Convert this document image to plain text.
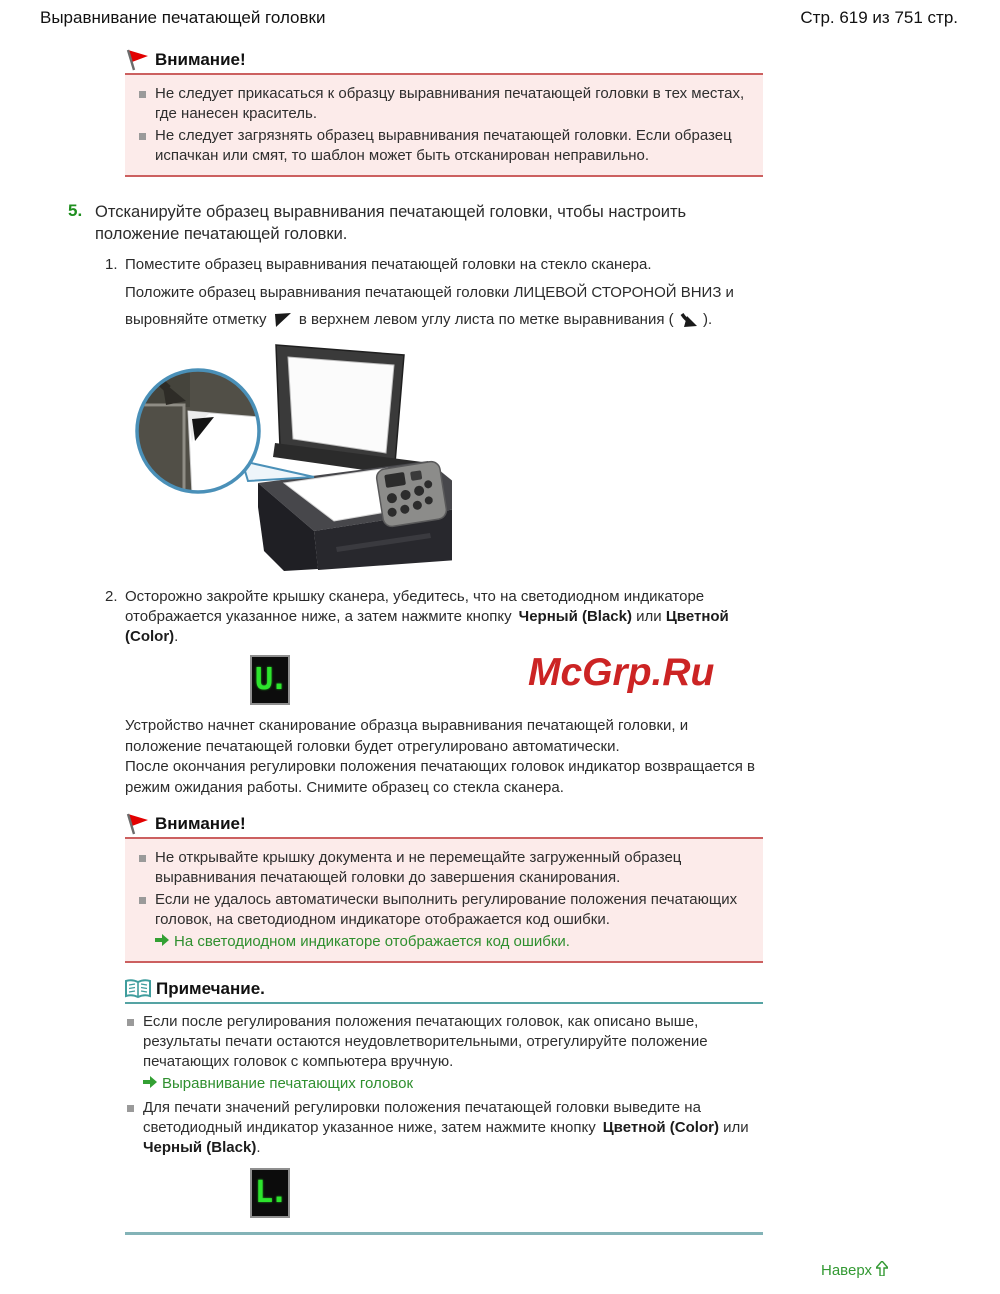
Выравнивание печатающей головки	Стр. 619 из 751 стр.
Внимание!
Не следует прикасаться к образцу выравнивания печатающей головки в тех местах, где нанесен краситель.
Не следует загрязнять образец выравнивания печатающей головки. Если образец испачкан или смят, то шаблон может быть отсканирован неправильно.
5. Отсканируйте образец выравнивания печатающей головки, чтобы настроить положение печатающей головки.
1. Поместите образец выравнивания печатающей головки на стекло сканера.

Положите образец выравнивания печатающей головки ЛИЦЕВОЙ СТОРОНОЙ ВНИЗ и выровняйте отметку в верхнем левом углу листа по метке выравнивания ( ).

2. Осторожно закройте крышку сканера, убедитесь, что на светодиодном индикаторе отображается указанное ниже, а затем нажмите кнопку Черный (Black) или Цветной (Color).
U.	McGrp.Ru

Устройство начнет сканирование образца выравнивания печатающей головки, и положение печатающей головки будет отрегулировано автоматически.

После окончания регулировки положения печатающих головок индикатор возвращается в режим ожидания работы. Снимите образец со стекла сканера.

Внимание!
Не открывайте крышку документа и не перемещайте загруженный образец выравнивания печатающей головки до завершения сканирования.
Если не удалось автоматически выполнить регулирование положения печатающих головок, на светодиодном индикаторе отображается код ошибки.
На светодиодном индикаторе отображается код ошибки.
Примечание.
Если после регулирования положения печатающих головок, как описано выше, результаты печати остаются неудовлетворительными, отрегулируйте положение печатающих головок с компьютера вручную.
Выравнивание печатающих головок
Для печати значений регулировки положения печатающей головки выведите на светодиодный индикатор указанное ниже, затем нажмите кнопку Цветной (Color) или Черный (Black).
L.
Наверх
